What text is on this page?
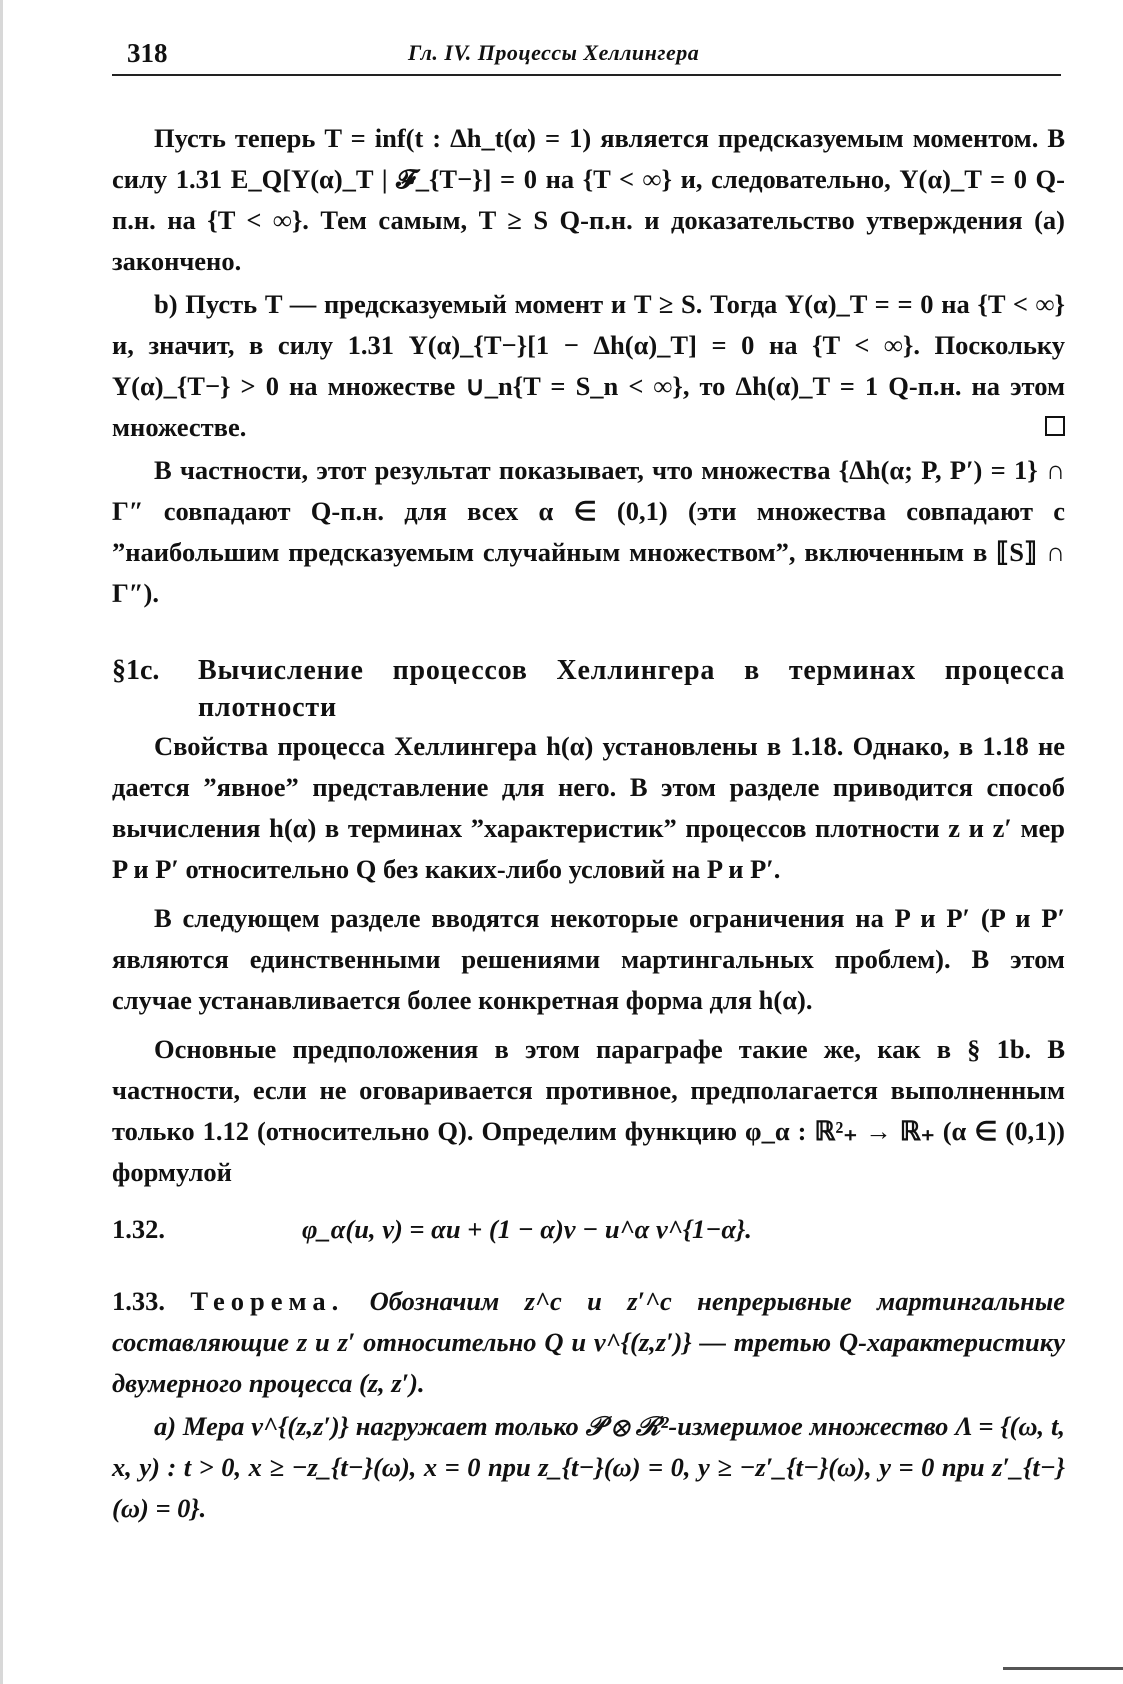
318	Гл. IV. Процессы Хеллингера

Пусть теперь T = inf(t : Δh_t(α) = 1) является предсказуемым моментом. В силу 1.31 E_Q[Y(α)_T | 𝓕_{T−}] = 0 на {T < ∞} и, следовательно, Y(α)_T = 0 Q-п.н. на {T < ∞}. Тем самым, T ≥ S Q-п.н. и доказательство утверждения (a) закончено.

b) Пусть T — предсказуемый момент и T ≥ S. Тогда Y(α)_T = = 0 на {T < ∞} и, значит, в силу 1.31 Y(α)_{T−}[1 − Δh(α)_T] = 0 на {T < ∞}. Поскольку Y(α)_{T−} > 0 на множестве ∪_n{T = S_n < ∞}, то Δh(α)_T = 1 Q-п.н. на этом множестве.

В частности, этот результат показывает, что множества {Δh(α; P, P′) = 1} ∩ Γ″ совпадают Q-п.н. для всех α ∈ (0,1) (эти множества совпадают с ”наибольшим предсказуемым случайным множеством”, включенным в ⟦S⟧ ∩ Γ″).

§1c.	Вычисление процессов Хеллингера в терминах процесса плотности

Свойства процесса Хеллингера h(α) установлены в 1.18. Однако, в 1.18 не дается ”явное” представление для него. В этом разделе приводится способ вычисления h(α) в терминах ”характеристик” процессов плотности z и z′ мер P и P′ относительно Q без каких-либо условий на P и P′.

В следующем разделе вводятся некоторые ограничения на P и P′ (P и P′ являются единственными решениями мартингальных проблем). В этом случае устанавливается более конкретная форма для h(α).

Основные предположения в этом параграфе такие же, как в § 1b. В частности, если не оговаривается противное, предполагается выполненным только 1.12 (относительно Q). Определим функцию φ_α : ℝ²₊ → ℝ₊ (α ∈ (0,1)) формулой

1.32.	φ_α(u, v) = αu + (1 − α)v − u^α v^{1−α}.

1.33. Теорема. Обозначим z^c и z′^c непрерывные мартингальные составляющие z и z′ относительно Q и ν^{(z,z′)} — третью Q-характеристику двумерного процесса (z, z′).

a) Мера ν^{(z,z′)} нагружает только 𝒫 ⊗ ℛ²-измеримое множество Λ = {(ω, t, x, y) : t > 0, x ≥ −z_{t−}(ω), x = 0 при z_{t−}(ω) = 0, y ≥ −z′_{t−}(ω), y = 0 при z′_{t−}(ω) = 0}.
